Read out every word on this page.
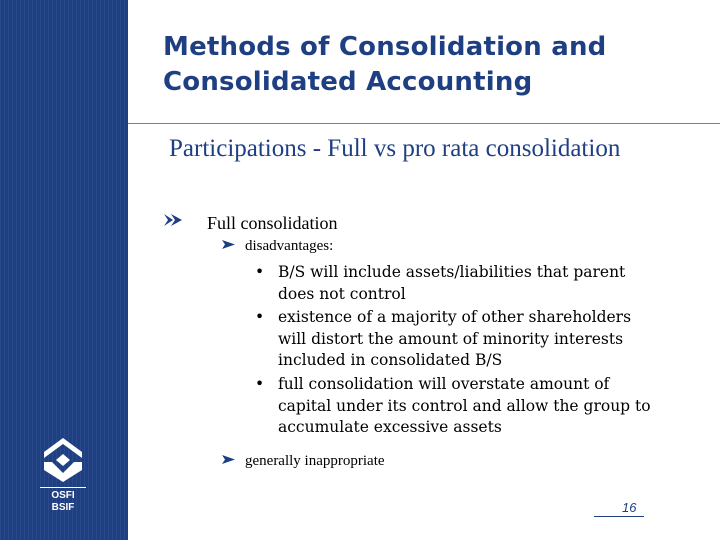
OSFI
BSIF
Methods of Consolidation and
Consolidated Accounting
Participations - Full vs pro rata consolidation
Full consolidation
disadvantages:
• B/S will include assets/liabilities that parent
does not control
• existence of a majority of other shareholders
will distort the amount of minority interests
included in consolidated B/S
• full consolidation will overstate amount of
capital under its control and allow the group to
accumulate excessive assets
generally inappropriate
16
